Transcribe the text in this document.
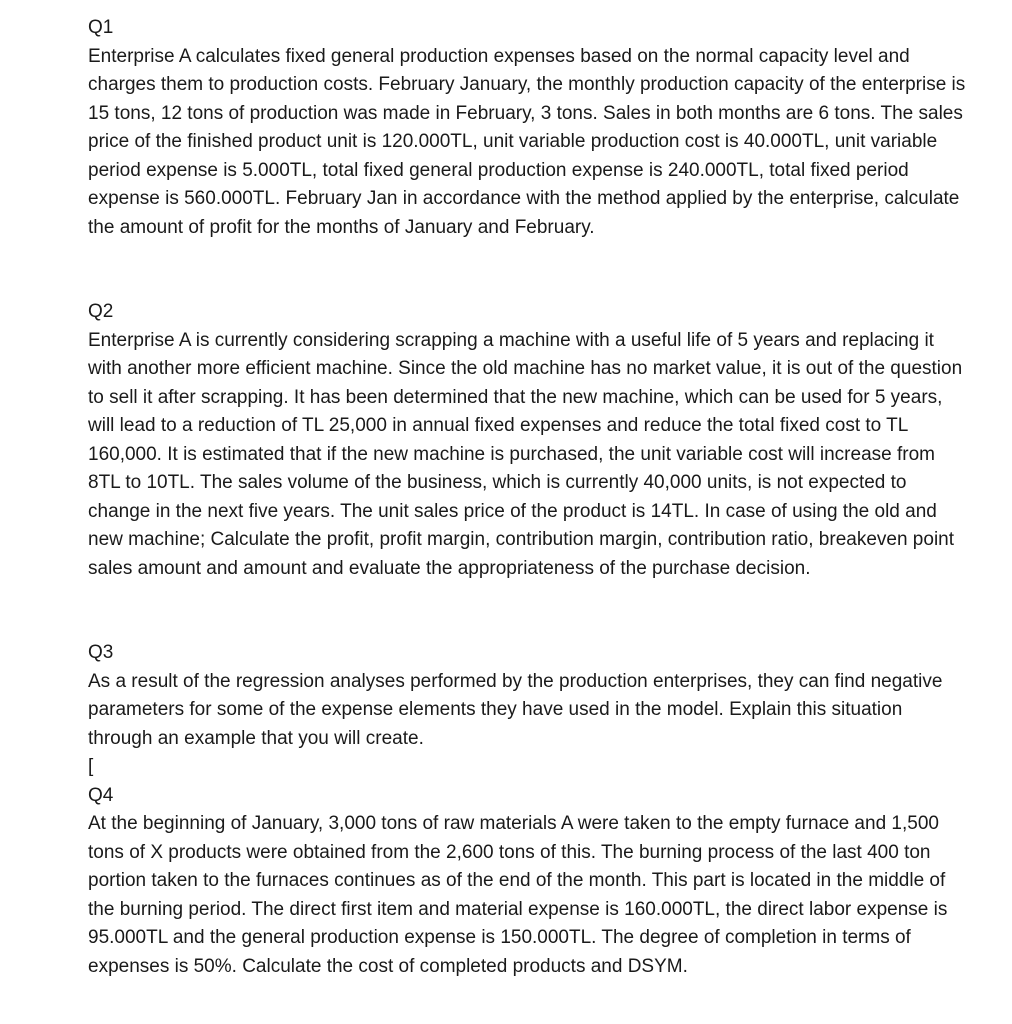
Q1
Enterprise A calculates fixed general production expenses based on the normal capacity level and charges them to production costs. February January, the monthly production capacity of the enterprise is 15 tons, 12 tons of production was made in February, 3 tons. Sales in both months are 6 tons. The sales price of the finished product unit is 120.000TL, unit variable production cost is 40.000TL, unit variable period expense is 5.000TL, total fixed general production expense is 240.000TL, total fixed period expense is 560.000TL. February Jan in accordance with the method applied by the enterprise, calculate the amount of profit for the months of January and February.
Q2
Enterprise A is currently considering scrapping a machine with a useful life of 5 years and replacing it with another more efficient machine. Since the old machine has no market value, it is out of the question to sell it after scrapping. It has been determined that the new machine, which can be used for 5 years, will lead to a reduction of TL 25,000 in annual fixed expenses and reduce the total fixed cost to TL 160,000. It is estimated that if the new machine is purchased, the unit variable cost will increase from 8TL to 10TL. The sales volume of the business, which is currently 40,000 units, is not expected to change in the next five years. The unit sales price of the product is 14TL. In case of using the old and new machine; Calculate the profit, profit margin, contribution margin, contribution ratio, breakeven point sales amount and amount and evaluate the appropriateness of the purchase decision.
Q3
As a result of the regression analyses performed by the production enterprises, they can find negative parameters for some of the expense elements they have used in the model. Explain this situation through an example that you will create.
[
Q4
At the beginning of January, 3,000 tons of raw materials A were taken to the empty furnace and 1,500 tons of X products were obtained from the 2,600 tons of this. The burning process of the last 400 ton portion taken to the furnaces continues as of the end of the month. This part is located in the middle of the burning period. The direct first item and material expense is 160.000TL, the direct labor expense is 95.000TL and the general production expense is 150.000TL. The degree of completion in terms of expenses is 50%. Calculate the cost of completed products and DSYM.
